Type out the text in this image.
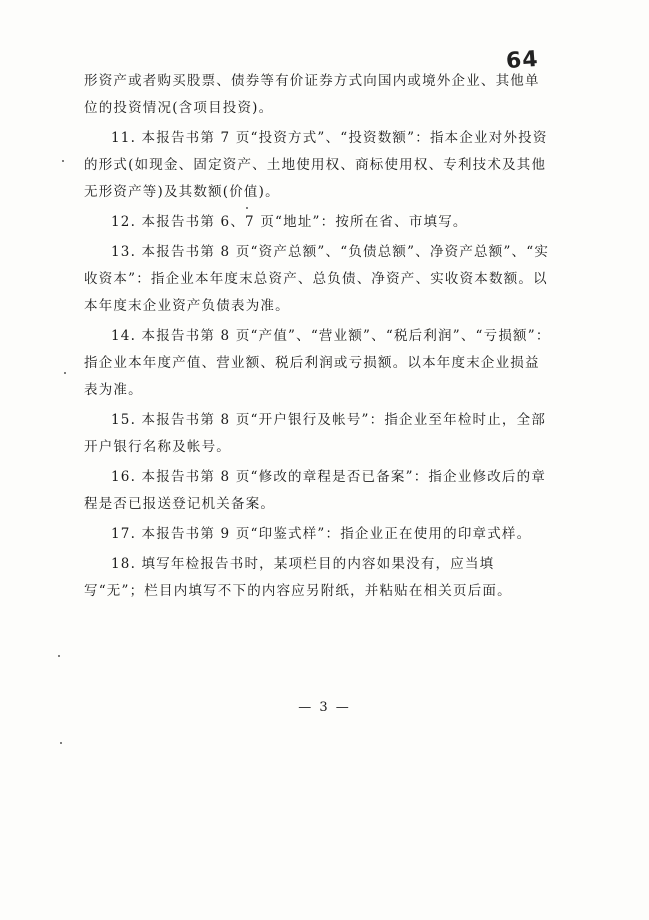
64

形资产或者购买股票、债券等有价证券方式向国内或境外企业、其他单位的投资情况(含项目投资)。

11. 本报告书第 7 页“投资方式”、“投资数额”：指本企业对外投资的形式(如现金、固定资产、土地使用权、商标使用权、专利技术及其他无形资产等)及其数额(价值)。

12. 本报告书第 6、7 页“地址”：按所在省、市填写。

13. 本报告书第 8 页“资产总额”、“负债总额”、净资产总额”、“实收资本”：指企业本年度末总资产、总负债、净资产、实收资本数额。以本年度末企业资产负债表为准。

14. 本报告书第 8 页“产值”、“营业额”、“税后利润”、“亏损额”：指企业本年度产值、营业额、税后利润或亏损额。以本年度末企业损益表为准。

15. 本报告书第 8 页“开户银行及帐号”：指企业至年检时止，全部开户银行名称及帐号。

16. 本报告书第 8 页“修改的章程是否已备案”：指企业修改后的章程是否已报送登记机关备案。

17. 本报告书第 9 页“印鉴式样”：指企业正在使用的印章式样。

18. 填写年检报告书时，某项栏目的内容如果没有，应当填写“无”；栏目内填写不下的内容应另附纸，并粘贴在相关页后面。

— 3 —
